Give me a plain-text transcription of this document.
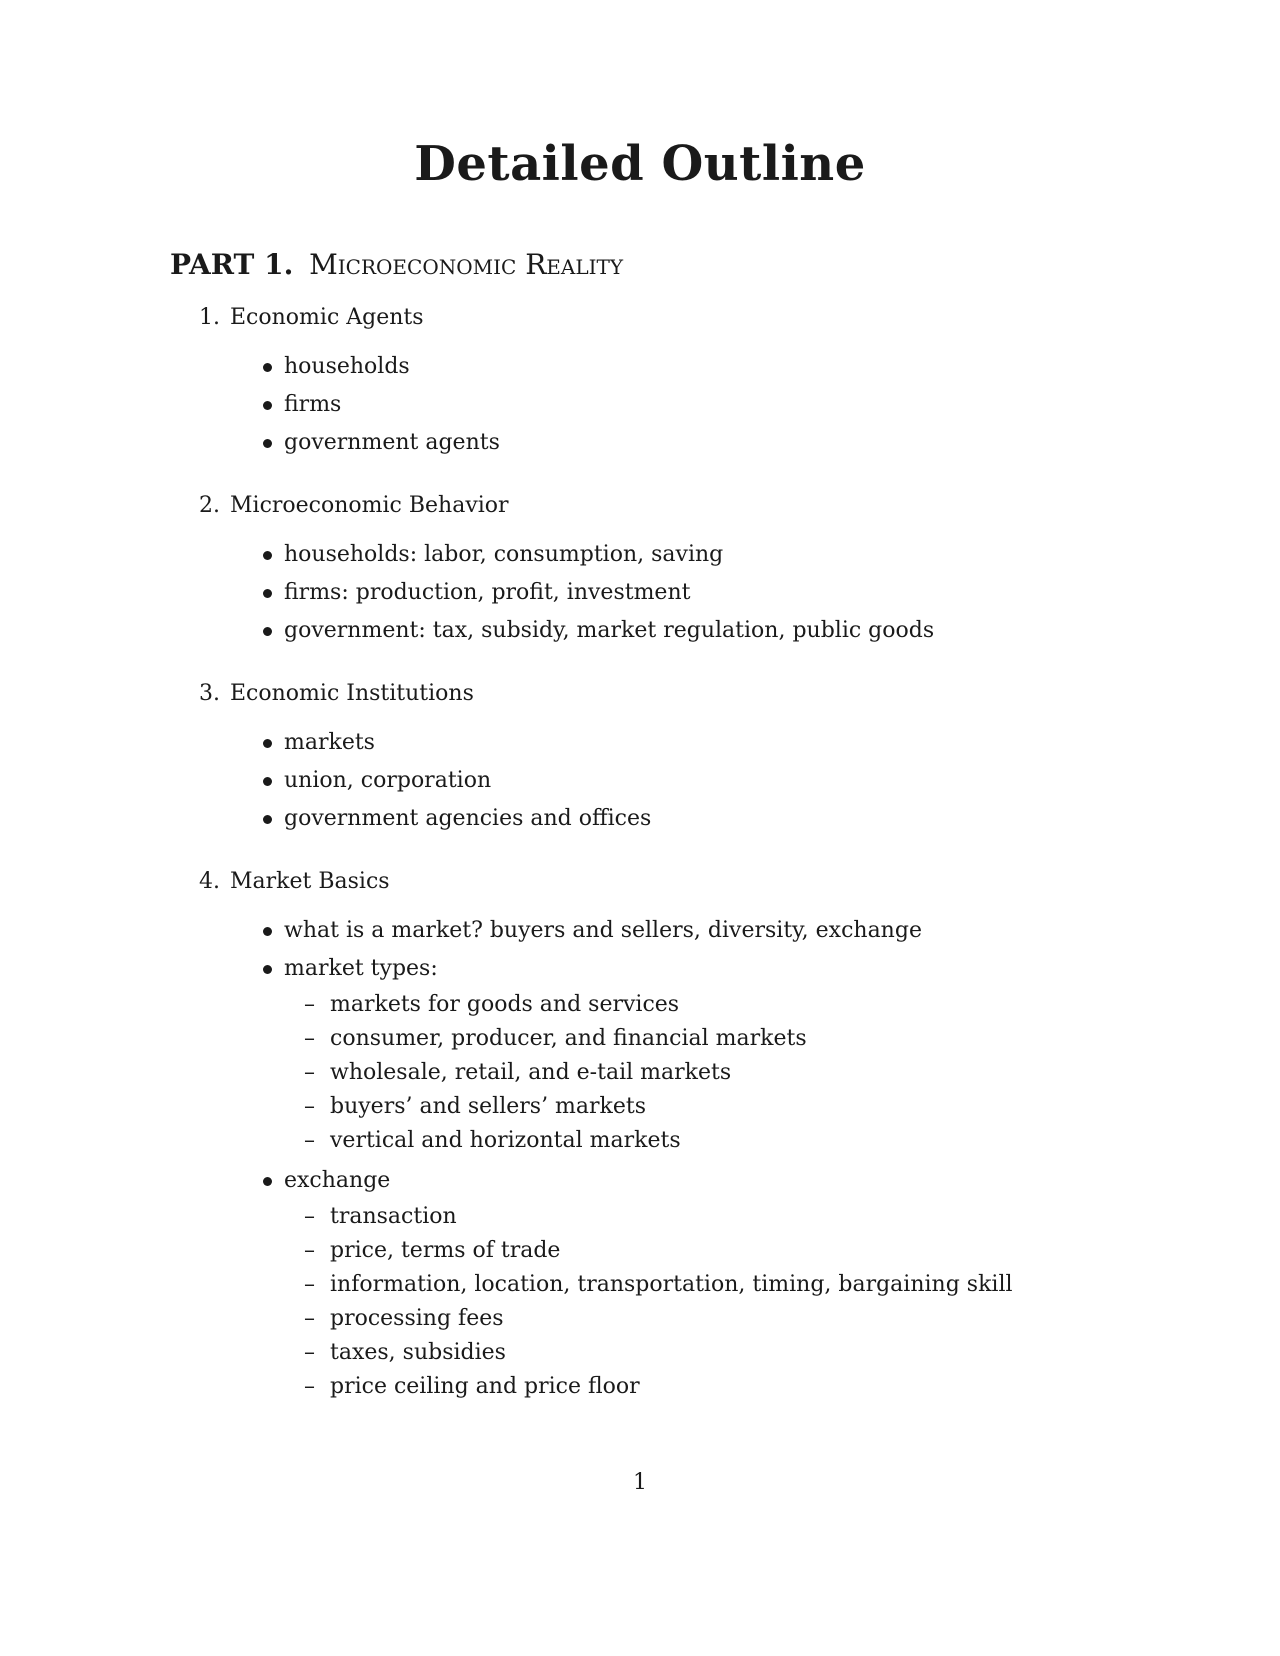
Detailed Outline
PART 1. Microeconomic Reality
1. Economic Agents
households
firms
government agents
2. Microeconomic Behavior
households: labor, consumption, saving
firms: production, profit, investment
government: tax, subsidy, market regulation, public goods
3. Economic Institutions
markets
union, corporation
government agencies and offices
4. Market Basics
what is a market? buyers and sellers, diversity, exchange
market types:
– markets for goods and services
– consumer, producer, and financial markets
– wholesale, retail, and e-tail markets
– buyers’ and sellers’ markets
– vertical and horizontal markets
exchange
– transaction
– price, terms of trade
– information, location, transportation, timing, bargaining skill
– processing fees
– taxes, subsidies
– price ceiling and price floor
1
